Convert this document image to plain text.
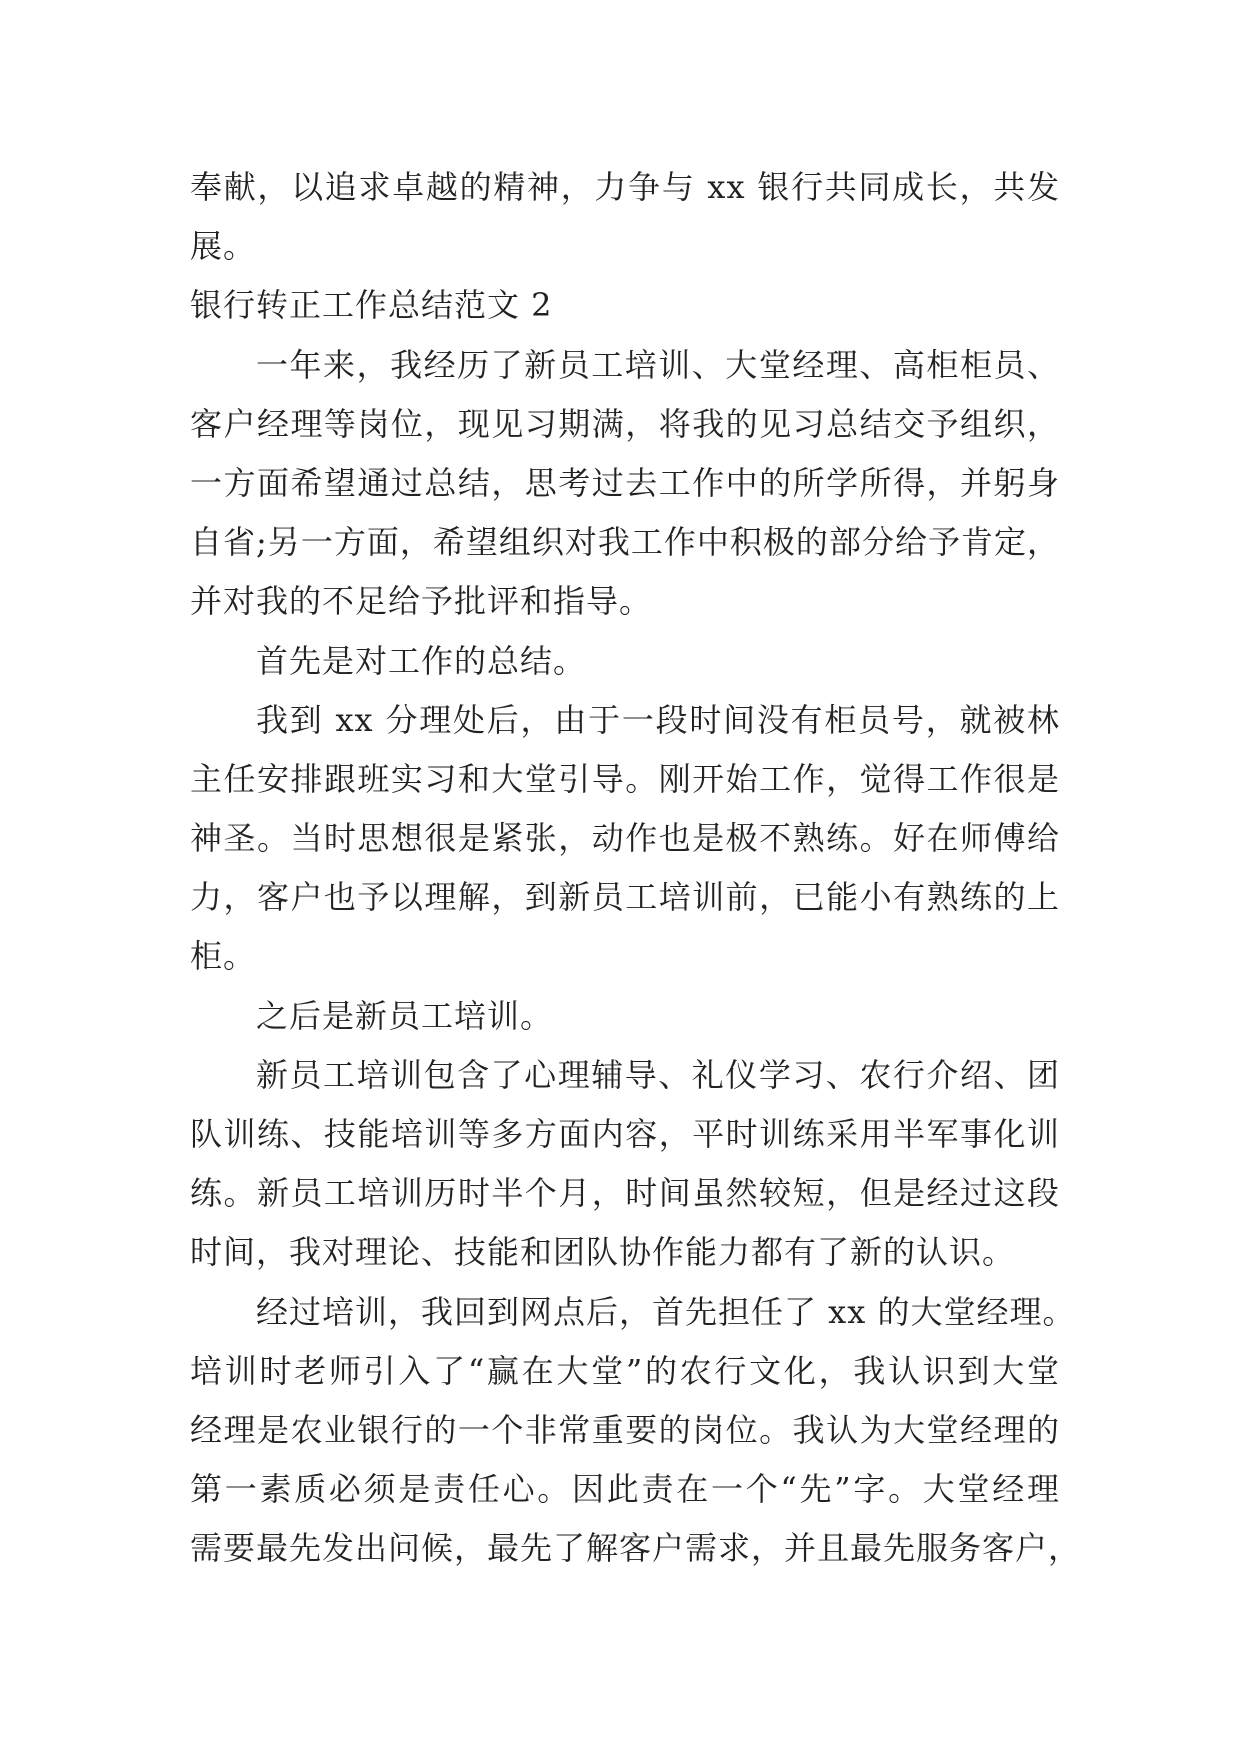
奉献，以追求卓越的精神，力争与 xx 银行共同成长，共发
展。
银行转正工作总结范文 2
一年来，我经历了新员工培训、大堂经理、高柜柜员、
客户经理等岗位，现见习期满，将我的见习总结交予组织，
一方面希望通过总结，思考过去工作中的所学所得，并躬身
自省;另一方面，希望组织对我工作中积极的部分给予肯定，
并对我的不足给予批评和指导。
首先是对工作的总结。
我到 xx 分理处后，由于一段时间没有柜员号，就被林
主任安排跟班实习和大堂引导。刚开始工作，觉得工作很是
神圣。当时思想很是紧张，动作也是极不熟练。好在师傅给
力，客户也予以理解，到新员工培训前，已能小有熟练的上
柜。
之后是新员工培训。
新员工培训包含了心理辅导、礼仪学习、农行介绍、团
队训练、技能培训等多方面内容，平时训练采用半军事化训
练。新员工培训历时半个月，时间虽然较短，但是经过这段
时间，我对理论、技能和团队协作能力都有了新的认识。
经过培训，我回到网点后，首先担任了 xx 的大堂经理。
培训时老师引入了“赢在大堂”的农行文化，我认识到大堂
经理是农业银行的一个非常重要的岗位。我认为大堂经理的
第一素质必须是责任心。因此责在一个“先”字。大堂经理
需要最先发出问候，最先了解客户需求，并且最先服务客户，
